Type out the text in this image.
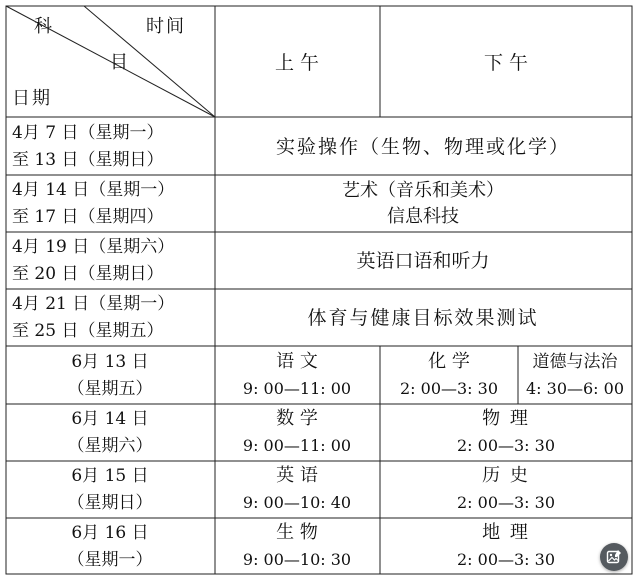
科	时间
目
日期
上 午	下 午
4月 7 日（星期一）
至 13 日（星期日）
实验操作（生物、物理或化学）
4月 14 日（星期一）
至 17 日（星期四）
艺术（音乐和美术）
信息科技
4月 19 日（星期六）
至 20 日（星期日）
英语口语和听力
4月 21 日（星期一）
至 25 日（星期五）
体育与健康目标效果测试
6月 13 日
（星期五）
语 文
9: 00—11: 00
化 学
2: 00—3: 30
道德与法治
4: 30—6: 00
6月 14 日
（星期六）
数 学
9: 00—11: 00
物 理
2: 00—3: 30
6月 15 日
（星期日）
英 语
9: 00—10: 40
历 史
2: 00—3: 30
6月 16 日
（星期一）
生 物
9: 00—10: 30
地 理
2: 00—3: 30
